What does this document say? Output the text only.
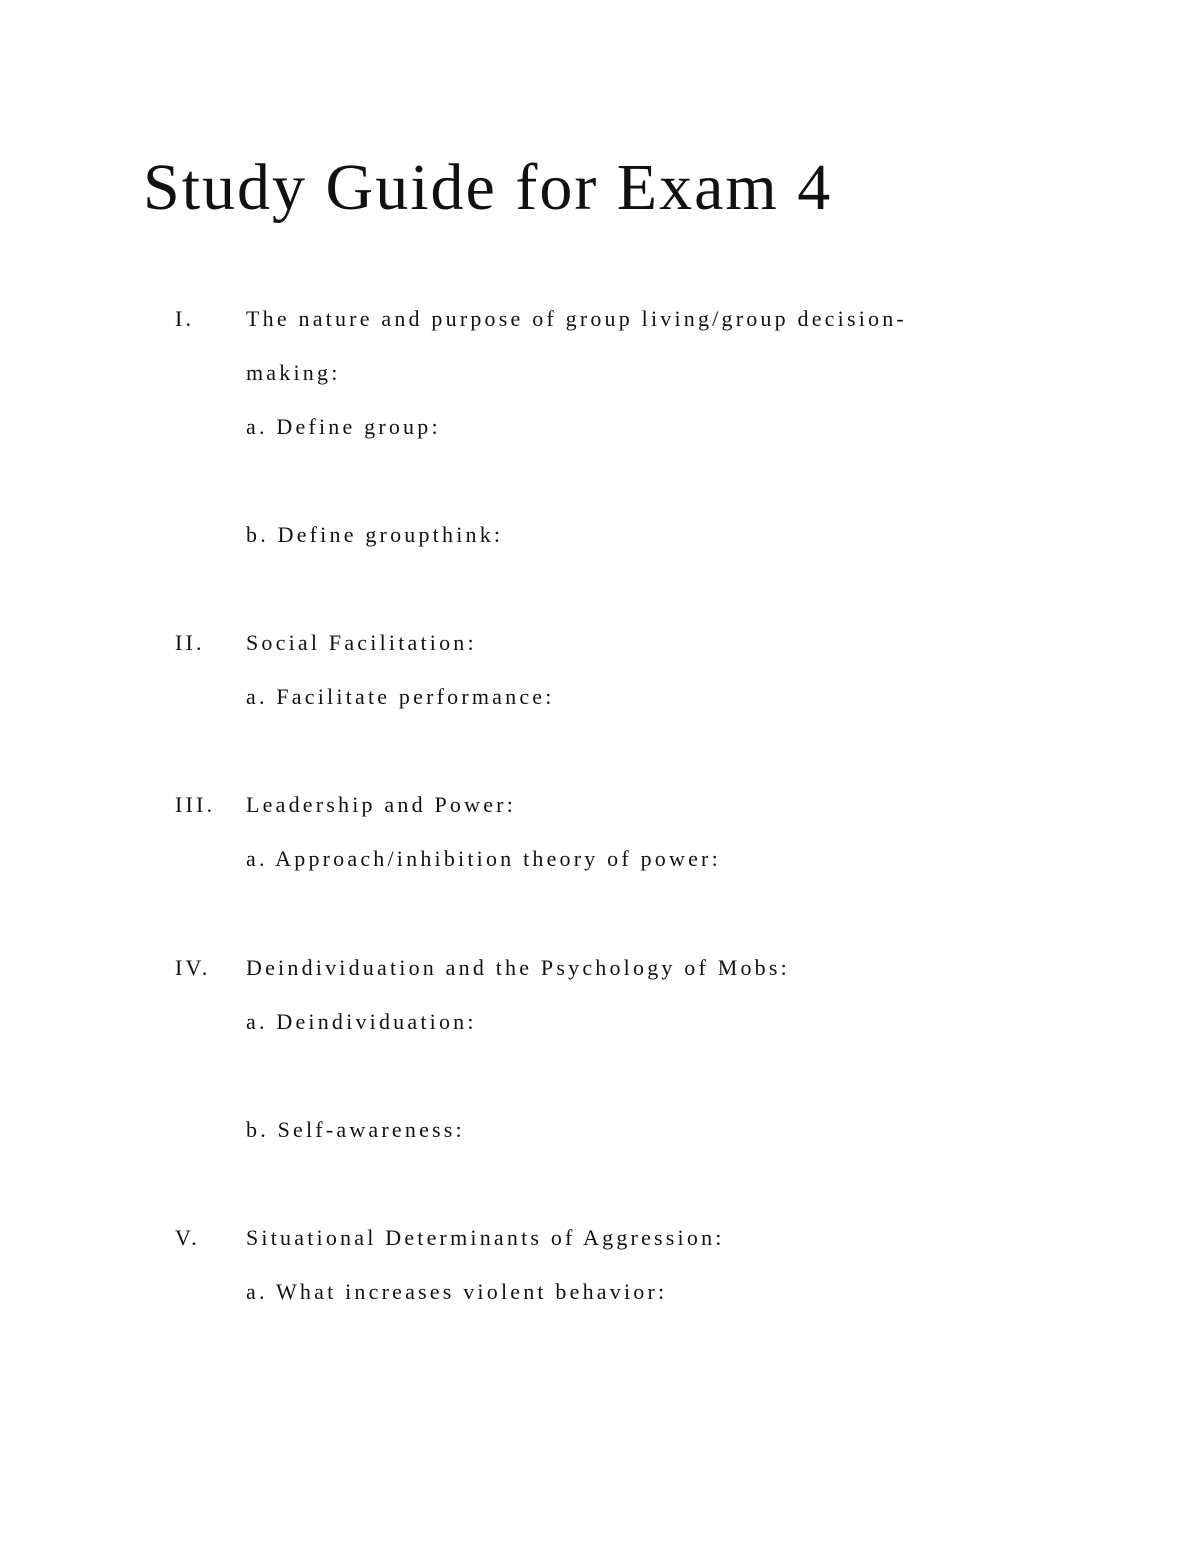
Study Guide for Exam 4
I. The nature and purpose of group living/group decision-
making:
a. Define group:
b. Define groupthink:
II. Social Facilitation:
a. Facilitate performance:
III. Leadership and Power:
a. Approach/inhibition theory of power:
IV. Deindividuation and the Psychology of Mobs:
a. Deindividuation:
b. Self-awareness:
V. Situational Determinants of Aggression:
a. What increases violent behavior:
